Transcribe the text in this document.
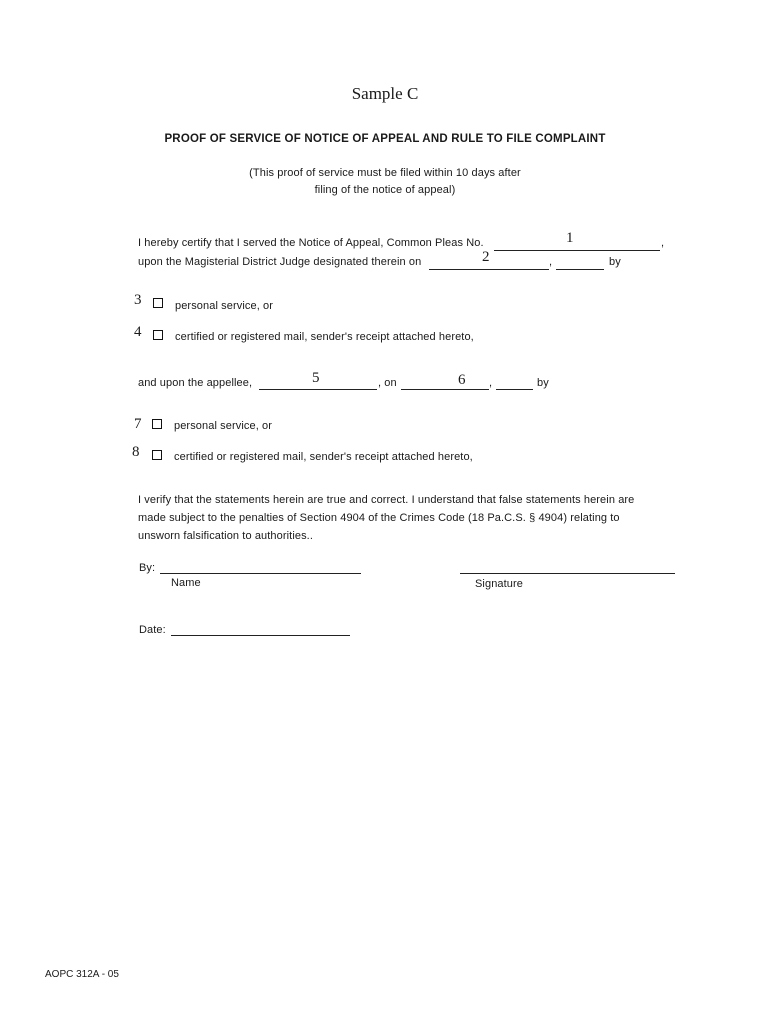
Sample C
PROOF OF SERVICE OF NOTICE OF APPEAL AND RULE TO FILE COMPLAINT
(This proof of service must be filed within 10 days after
filing of the notice of appeal)
I hereby certify that I served the Notice of Appeal, Common Pleas No.	1	,
upon the Magisterial District Judge designated therein on	2	,	by
3	personal service, or
4	certified or registered mail, sender's receipt attached hereto,
and upon the appellee,	5	, on	6 ,	by
7	personal service, or
8	certified or registered mail, sender's receipt attached hereto,
I verify that the statements herein are true and correct. I understand that false statements herein are
made subject to the penalties of Section 4904 of the Crimes Code (18 Pa.C.S. § 4904) relating to
unsworn falsification to authorities..
By:
Name	Signature
Date:
AOPC 312A - 05
